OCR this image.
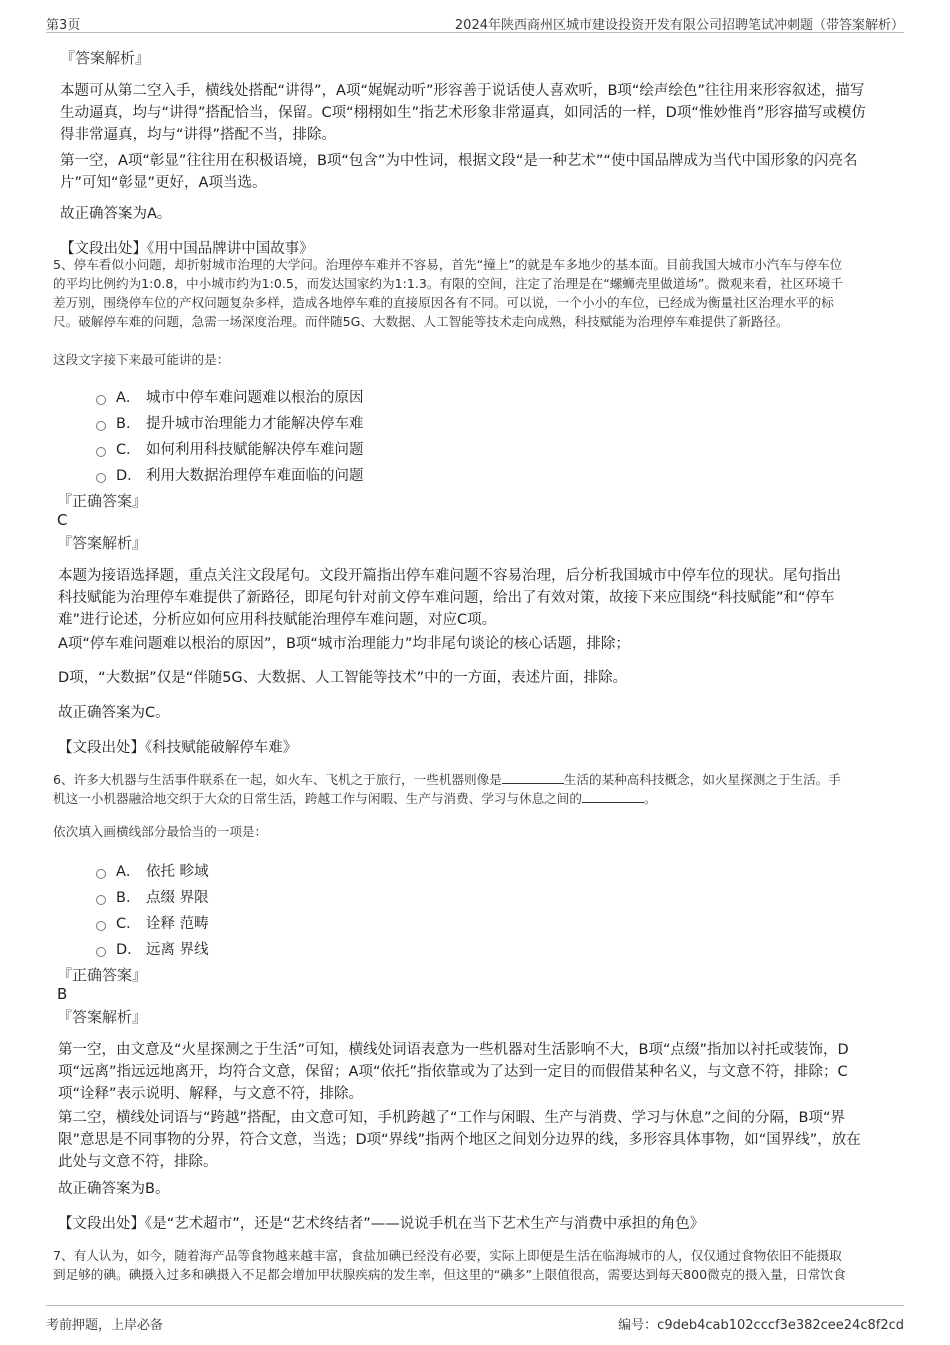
第3页	2024年陕西商州区城市建设投资开发有限公司招聘笔试冲刺题（带答案解析）
『答案解析』
本题可从第二空入手，横线处搭配“讲得”，A项“娓娓动听”形容善于说话使人喜欢听，B项“绘声绘色”往往用来形容叙述，描写
生动逼真，均与“讲得”搭配恰当，保留。C项“栩栩如生”指艺术形象非常逼真，如同活的一样，D项“惟妙惟肖”形容描写或模仿
得非常逼真，均与“讲得”搭配不当，排除。
第一空，A项“彰显”往往用在积极语境，B项“包含”为中性词，根据文段“是一种艺术”“使中国品牌成为当代中国形象的闪亮名
片”可知“彰显”更好，A项当选。
故正确答案为A。
【文段出处】《用中国品牌讲中国故事》
5、停车看似小问题，却折射城市治理的大学问。治理停车难并不容易，首先“撞上”的就是车多地少的基本面。目前我国大城市小汽车与停车位
的平均比例约为1:0.8，中小城市约为1:0.5，而发达国家约为1:1.3。有限的空间，注定了治理是在“螺蛳壳里做道场”。微观来看，社区环境千
差万别，围绕停车位的产权问题复杂多样，造成各地停车难的直接原因各有不同。可以说，一个小小的车位，已经成为衡量社区治理水平的标
尺。破解停车难的问题，急需一场深度治理。而伴随5G、大数据、人工智能等技术走向成熟，科技赋能为治理停车难提供了新路径。
这段文字接下来最可能讲的是：
A． 城市中停车难问题难以根治的原因
B． 提升城市治理能力才能解决停车难
C． 如何利用科技赋能解决停车难问题
D． 利用大数据治理停车难面临的问题
『正确答案』
C
『答案解析』
本题为接语选择题，重点关注文段尾句。文段开篇指出停车难问题不容易治理，后分析我国城市中停车位的现状。尾句指出
科技赋能为治理停车难提供了新路径，即尾句针对前文停车难问题，给出了有效对策，故接下来应围绕“科技赋能”和“停车
难”进行论述，分析应如何应用科技赋能治理停车难问题，对应C项。
A项“停车难问题难以根治的原因”，B项“城市治理能力”均非尾句谈论的核心话题，排除；
D项，“大数据”仅是“伴随5G、大数据、人工智能等技术”中的一方面，表述片面，排除。
故正确答案为C。
【文段出处】《科技赋能破解停车难》
6、许多大机器与生活事件联系在一起，如火车、飞机之于旅行，一些机器则像是	生活的某种高科技概念，如火星探测之于生活。手
机这一小机器融洽地交织于大众的日常生活，跨越工作与闲暇、生产与消费、学习与休息之间的	。
依次填入画横线部分最恰当的一项是：
A． 依托 畛域
B． 点缀 界限
C． 诠释 范畴
D． 远离 界线
『正确答案』
B
『答案解析』
第一空，由文意及“火星探测之于生活”可知，横线处词语表意为一些机器对生活影响不大，B项“点缀”指加以衬托或装饰，D
项“远离”指远远地离开，均符合文意，保留；A项“依托”指依靠或为了达到一定目的而假借某种名义，与文意不符，排除；C
项“诠释”表示说明、解释，与文意不符，排除。
第二空，横线处词语与“跨越”搭配，由文意可知，手机跨越了“工作与闲暇、生产与消费、学习与休息”之间的分隔，B项“界
限”意思是不同事物的分界，符合文意，当选；D项“界线”指两个地区之间划分边界的线，多形容具体事物，如“国界线”，放在
此处与文意不符，排除。
故正确答案为B。
【文段出处】《是“艺术超市”，还是“艺术终结者”——说说手机在当下艺术生产与消费中承担的角色》
7、有人认为，如今，随着海产品等食物越来越丰富，食盐加碘已经没有必要，实际上即便是生活在临海城市的人，仅仅通过食物依旧不能摄取
到足够的碘。碘摄入过多和碘摄入不足都会增加甲状腺疾病的发生率，但这里的“碘多”上限值很高，需要达到每天800微克的摄入量，日常饮食
考前押题，上岸必备	编号：c9deb4cab102cccf3e382cee24c8f2cd
